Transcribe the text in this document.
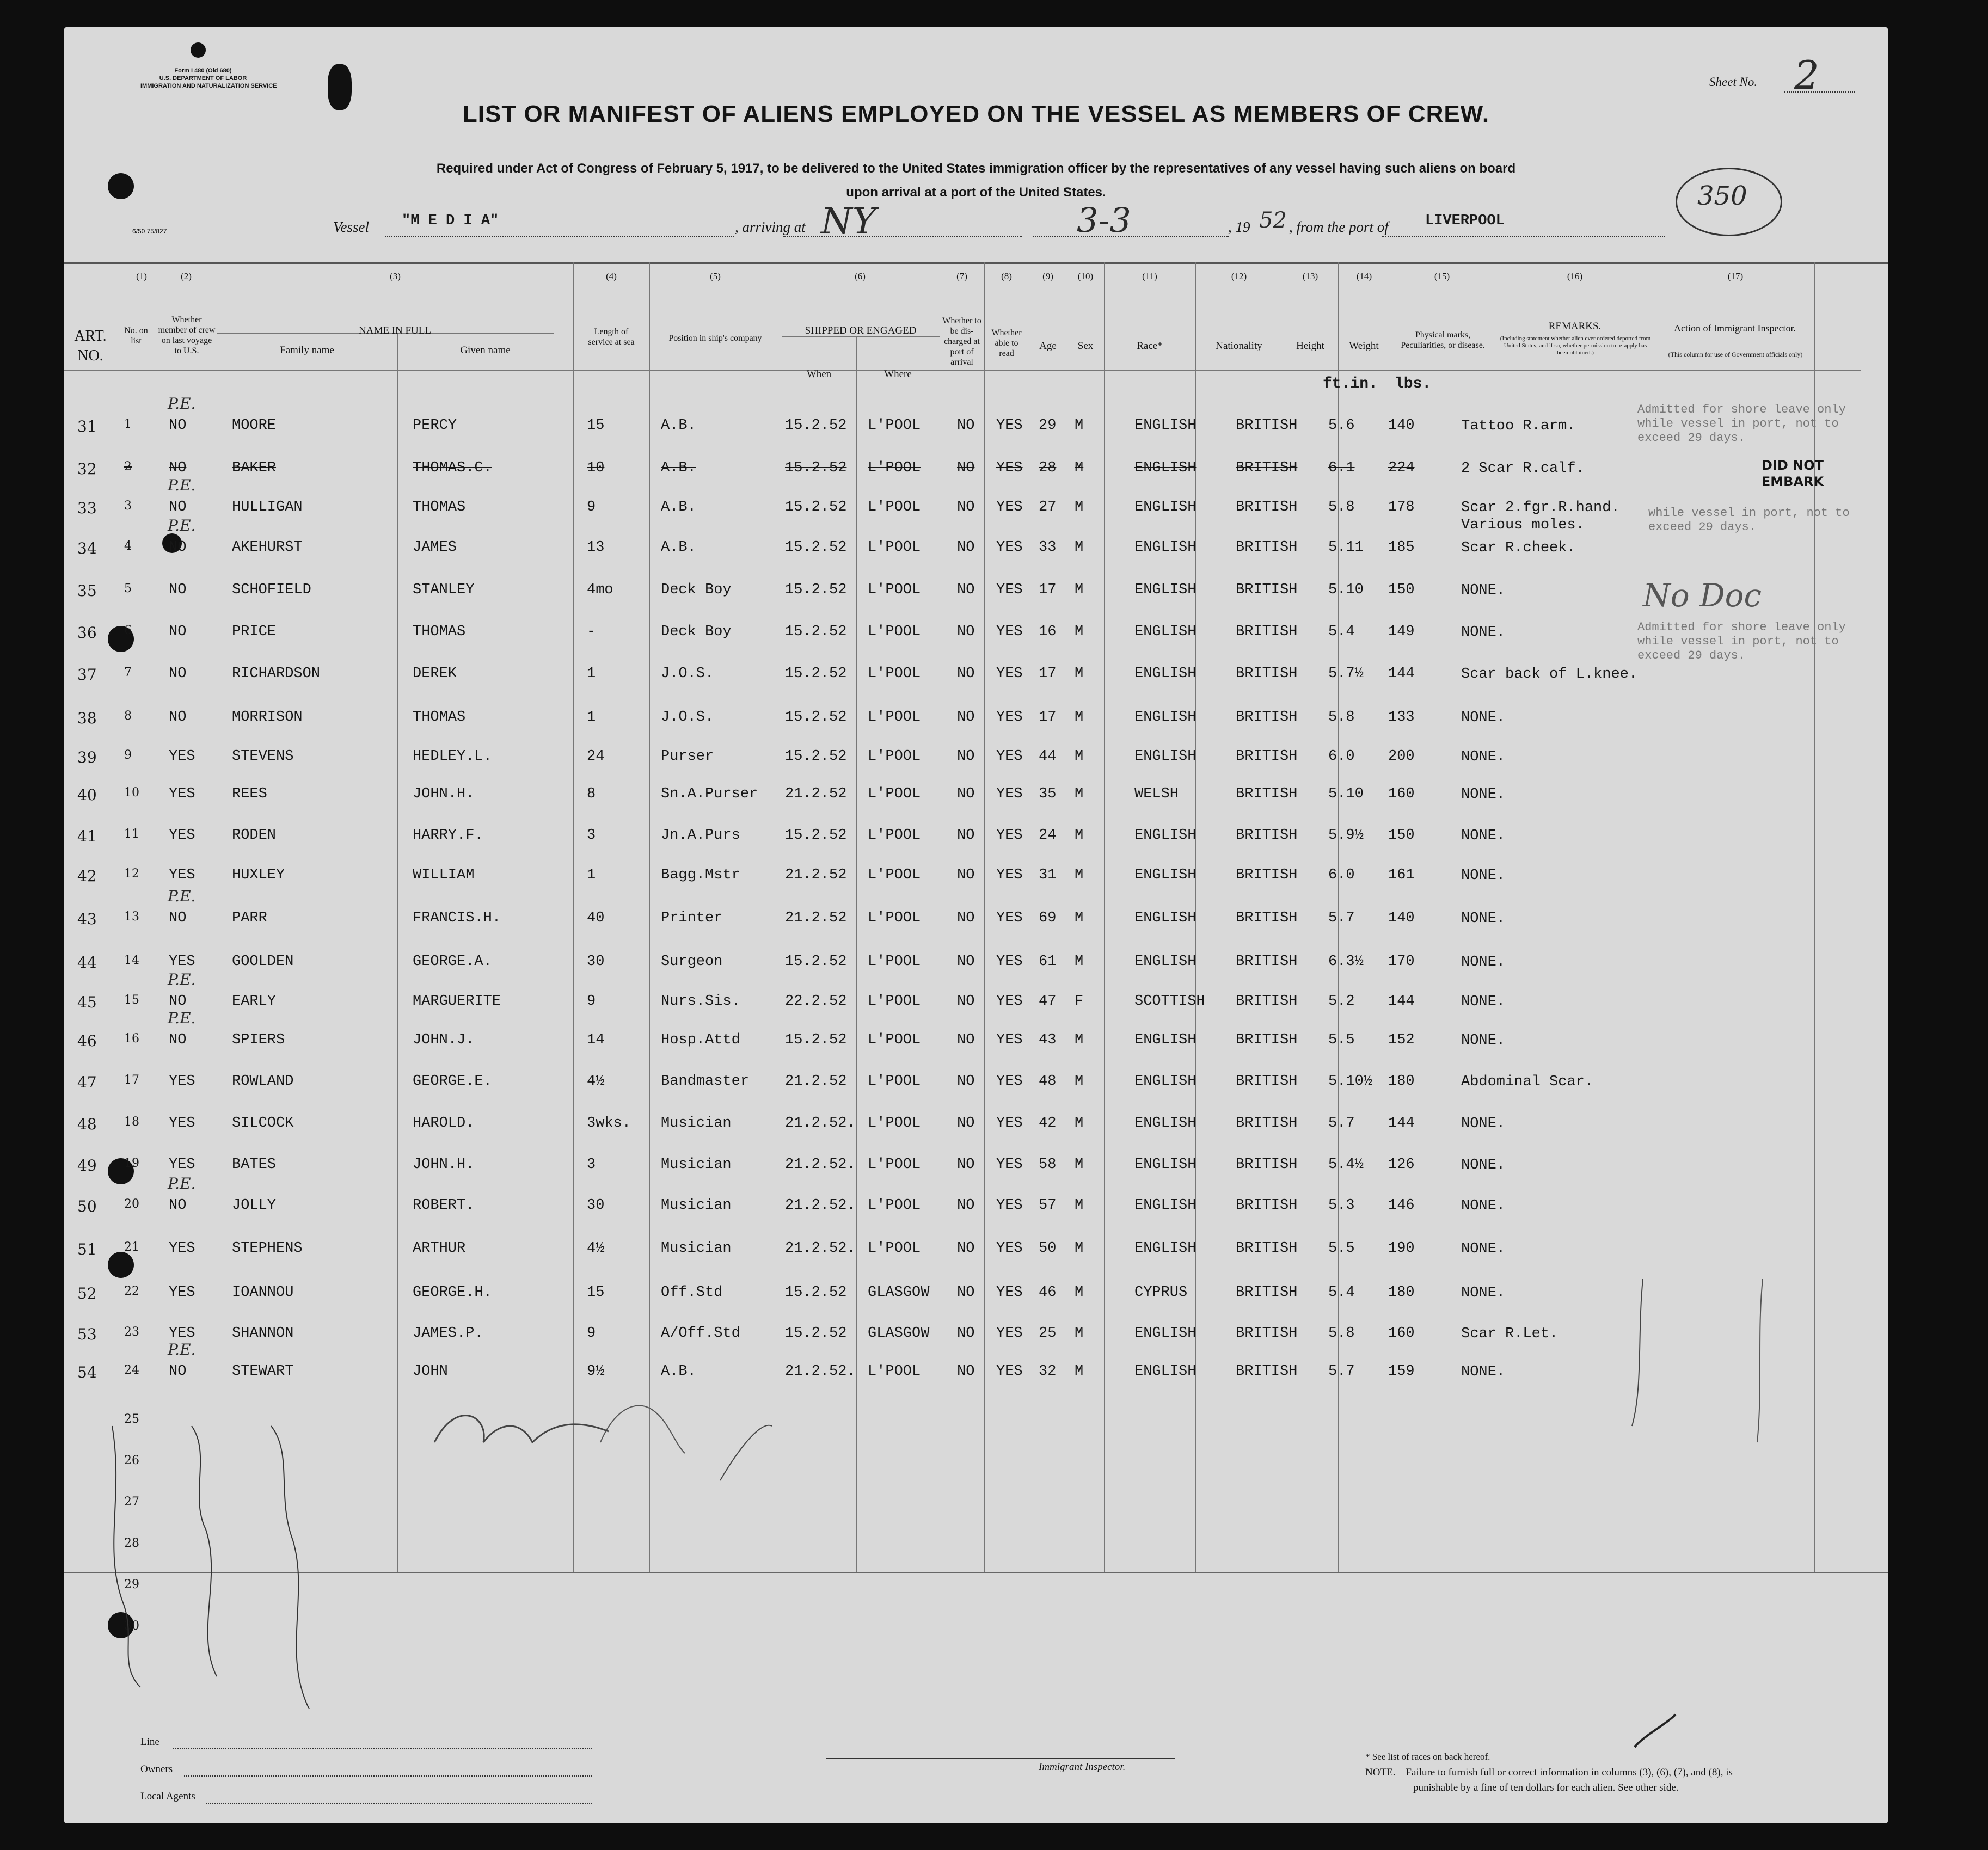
Form I 480 (Old 680)
U.S. DEPARTMENT OF LABOR
IMMIGRATION AND NATURALIZATION SERVICE
6/50 75/827
LIST OR MANIFEST OF ALIENS EMPLOYED ON THE VESSEL AS MEMBERS OF CREW.
Required under Act of Congress of February 5, 1917, to be delivered to the United States immigration officer by the representatives of any vessel having such aliens on board
upon arrival at a port of the United States.
Sheet No. 2
350
Vessel "M E D I A"	, arriving at NY	3-3	, 19 52 , from the port of LIVERPOOL
(1)	(2)	(3)	(4)	(5)	(6)	(7)	(8)	(9)	(10)	(11)	(12)	(13)	(14)	(15)	(16)	(17)
ART. NO.
No. on list
Whether member of crew on last voyage to U.S.
NAME IN FULL
Family name	Given name
Length of service at sea	Position in ship's company
SHIPPED OR ENGAGED
When	Where
Whether to be dis- charged at port of arrival
Whether able to read
Age	Sex	Race*	Nationality	Height	Weight
Physical marks, Peculiarities, or disease.
REMARKS.
(Including statement whether alien ever ordered deported from United States, and if so, whether permission to re-apply has been obtained.)
Action of Immigrant Inspector.
(This column for use of Government officials only)
ft.in. lbs.
31
P.E.
1	NO	MOORE	PERCY	15	A.B.	15.2.52 L'POOL NO YES 29 M	ENGLISH	BRITISH 5.6 140	Tattoo R.arm.
32 2	NO	BAKER	THOMAS.C.	10	A.B.	15.2.52 L'POOL NO YES 28 M	ENGLISH	BRITISH 6.1 224	2 Scar R.calf.
33
P.E.
3	NO	HULLIGAN	THOMAS	9	A.B.	15.2.52 L'POOL NO YES 27 M	ENGLISH	BRITISH 5.8 178	Scar 2.fgr.R.hand.
Various moles.
34
P.E.
4	NO	AKEHURST	JAMES	13	A.B.	15.2.52 L'POOL NO YES 33 M	ENGLISH	BRITISH 5.11 185	Scar R.cheek.
35 5	NO	SCHOFIELD	STANLEY	4mo	Deck Boy	15.2.52 L'POOL NO YES 17 M	ENGLISH	BRITISH 5.10 150	NONE.
36 6	NO	PRICE	THOMAS	-	Deck Boy	15.2.52 L'POOL NO YES 16 M	ENGLISH	BRITISH 5.4 149	NONE.
37 7	NO	RICHARDSON	DEREK	1	J.O.S.	15.2.52 L'POOL NO YES 17 M	ENGLISH	BRITISH 5.7½ 144	Scar back of L.knee.
38 8	NO	MORRISON	THOMAS	1	J.O.S.	15.2.52 L'POOL NO YES 17 M	ENGLISH	BRITISH 5.8 133	NONE.
39 9	YES STEVENS	HEDLEY.L.	24	Purser	15.2.52 L'POOL NO YES 44 M	ENGLISH	BRITISH 6.0 200	NONE.
40 10 YES REES	JOHN.H.	8	Sn.A.Purser 21.2.52 L'POOL NO YES 35 M	WELSH	BRITISH 5.10 160	NONE.
41 11 YES RODEN	HARRY.F.	3	Jn.A.Purs	15.2.52 L'POOL NO YES 24 M	ENGLISH	BRITISH 5.9½ 150	NONE.
42 12 YES HUXLEY	WILLIAM	1	Bagg.Mstr	21.2.52 L'POOL NO YES 31 M	ENGLISH	BRITISH 6.0 161	NONE.
43
P.E.
13 NO	PARR	FRANCIS.H.	40	Printer	21.2.52 L'POOL NO YES 69 M	ENGLISH	BRITISH 5.7 140	NONE.
44 14 YES GOOLDEN	GEORGE.A.	30	Surgeon	15.2.52 L'POOL NO YES 61 M	ENGLISH	BRITISH 6.3½ 170	NONE.
45
P.E.
15 NO	EARLY	MARGUERITE	9	Nurs.Sis.	22.2.52 L'POOL NO YES 47 F	SCOTTISH BRITISH 5.2 144	NONE.
46
P.E.
16 NO	SPIERS	JOHN.J.	14	Hosp.Attd	15.2.52 L'POOL NO YES 43 M	ENGLISH	BRITISH 5.5 152	NONE.
47 17 YES ROWLAND	GEORGE.E.	4½	Bandmaster 21.2.52 L'POOL NO YES 48 M	ENGLISH	BRITISH 5.10½ 180	Abdominal Scar.
48 18 YES SILCOCK	HAROLD.	3wks. Musician	21.2.52. L'POOL NO YES 42 M	ENGLISH	BRITISH 5.7 144	NONE.
49 19 YES BATES	JOHN.H.	3	Musician	21.2.52. L'POOL NO YES 58 M	ENGLISH	BRITISH 5.4½ 126	NONE.
50
P.E.
20 NO	JOLLY	ROBERT.	30	Musician	21.2.52. L'POOL NO YES 57 M	ENGLISH	BRITISH 5.3 146	NONE.
51 21 YES STEPHENS	ARTHUR	4½	Musician	21.2.52. L'POOL NO YES 50 M	ENGLISH	BRITISH 5.5 190	NONE.
52 22 YES IOANNOU	GEORGE.H.	15	Off.Std	15.2.52 GLASGOW NO YES 46 M	CYPRUS	BRITISH 5.4 180	NONE.
53 23 YES SHANNON	JAMES.P.	9	A/Off.Std	15.2.52 GLASGOW NO YES 25 M	ENGLISH	BRITISH 5.8 160	Scar R.Let.
54
P.E.
24 NO	STEWART	JOHN	9½	A.B.	21.2.52. L'POOL NO YES 32 M	ENGLISH	BRITISH 5.7 159	NONE.
25
26
27
28
29
30
Admitted for shore leave only while vessel in port, not to exceed 29 days.
while vessel in port, not to exceed 29 days.
Admitted for shore leave only while vessel in port, not to exceed 29 days.
DID NOT EMBARK
No Doc
Line
Owners
Local Agents
Immigrant Inspector.
* See list of races on back hereof.
NOTE.—Failure to furnish full or correct information in columns (3), (6), (7), and (8), is
punishable by a fine of ten dollars for each alien. See other side.
